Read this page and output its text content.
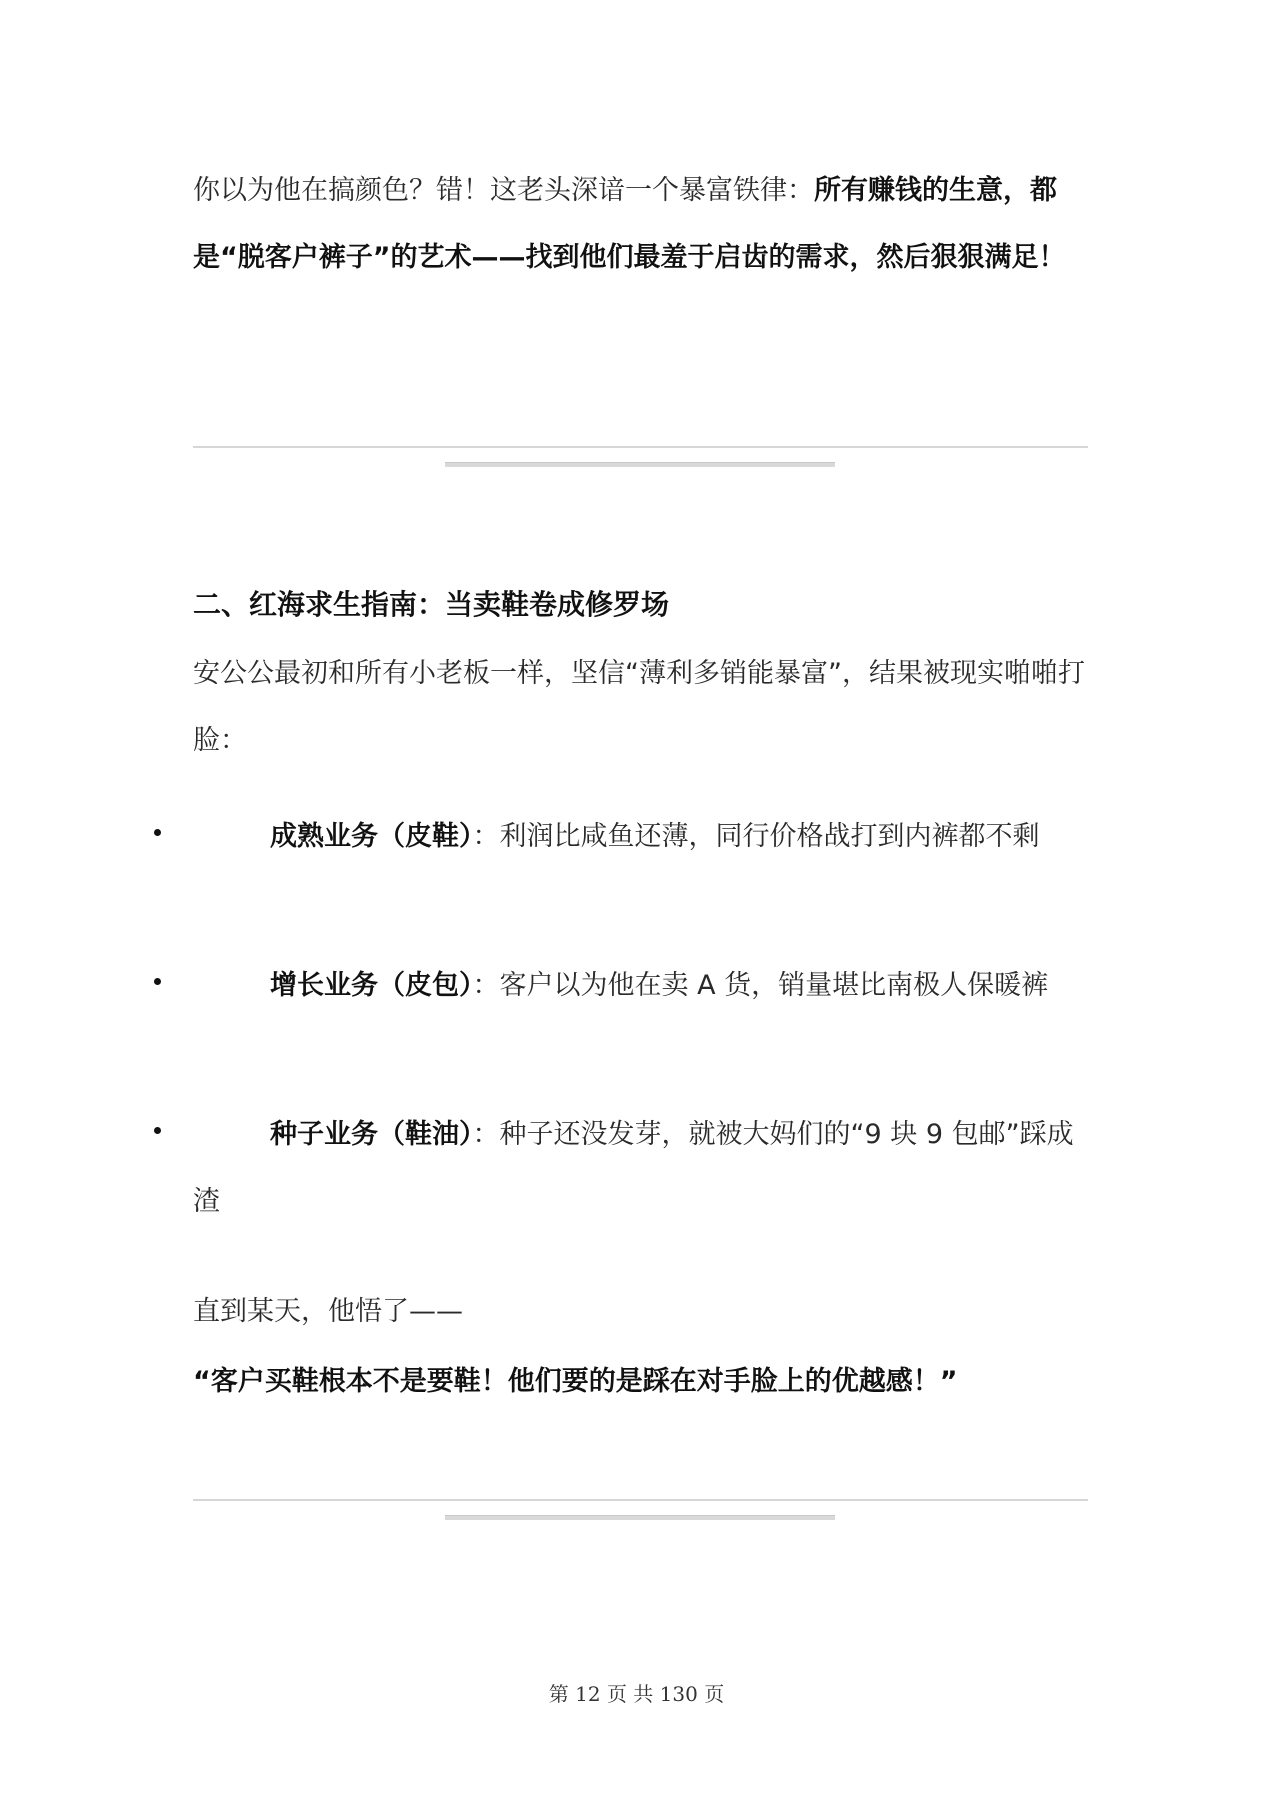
你以为他在搞颜色？错！这老头深谙一个暴富铁律：所有赚钱的生意，都是“脱客户裤子”的艺术——找到他们最羞于启齿的需求，然后狠狠满足！
二、红海求生指南：当卖鞋卷成修罗场
安公公最初和所有小老板一样，坚信“薄利多销能暴富”，结果被现实啪啪打脸：
成熟业务（皮鞋）：利润比咸鱼还薄，同行价格战打到内裤都不剩
增长业务（皮包）：客户以为他在卖 A 货，销量堪比南极人保暖裤
种子业务（鞋油）：种子还没发芽，就被大妈们的“9 块 9 包邮”踩成渣
直到某天，他悟了——
“客户买鞋根本不是要鞋！他们要的是踩在对手脸上的优越感！”
第 12 页 共 130 页
